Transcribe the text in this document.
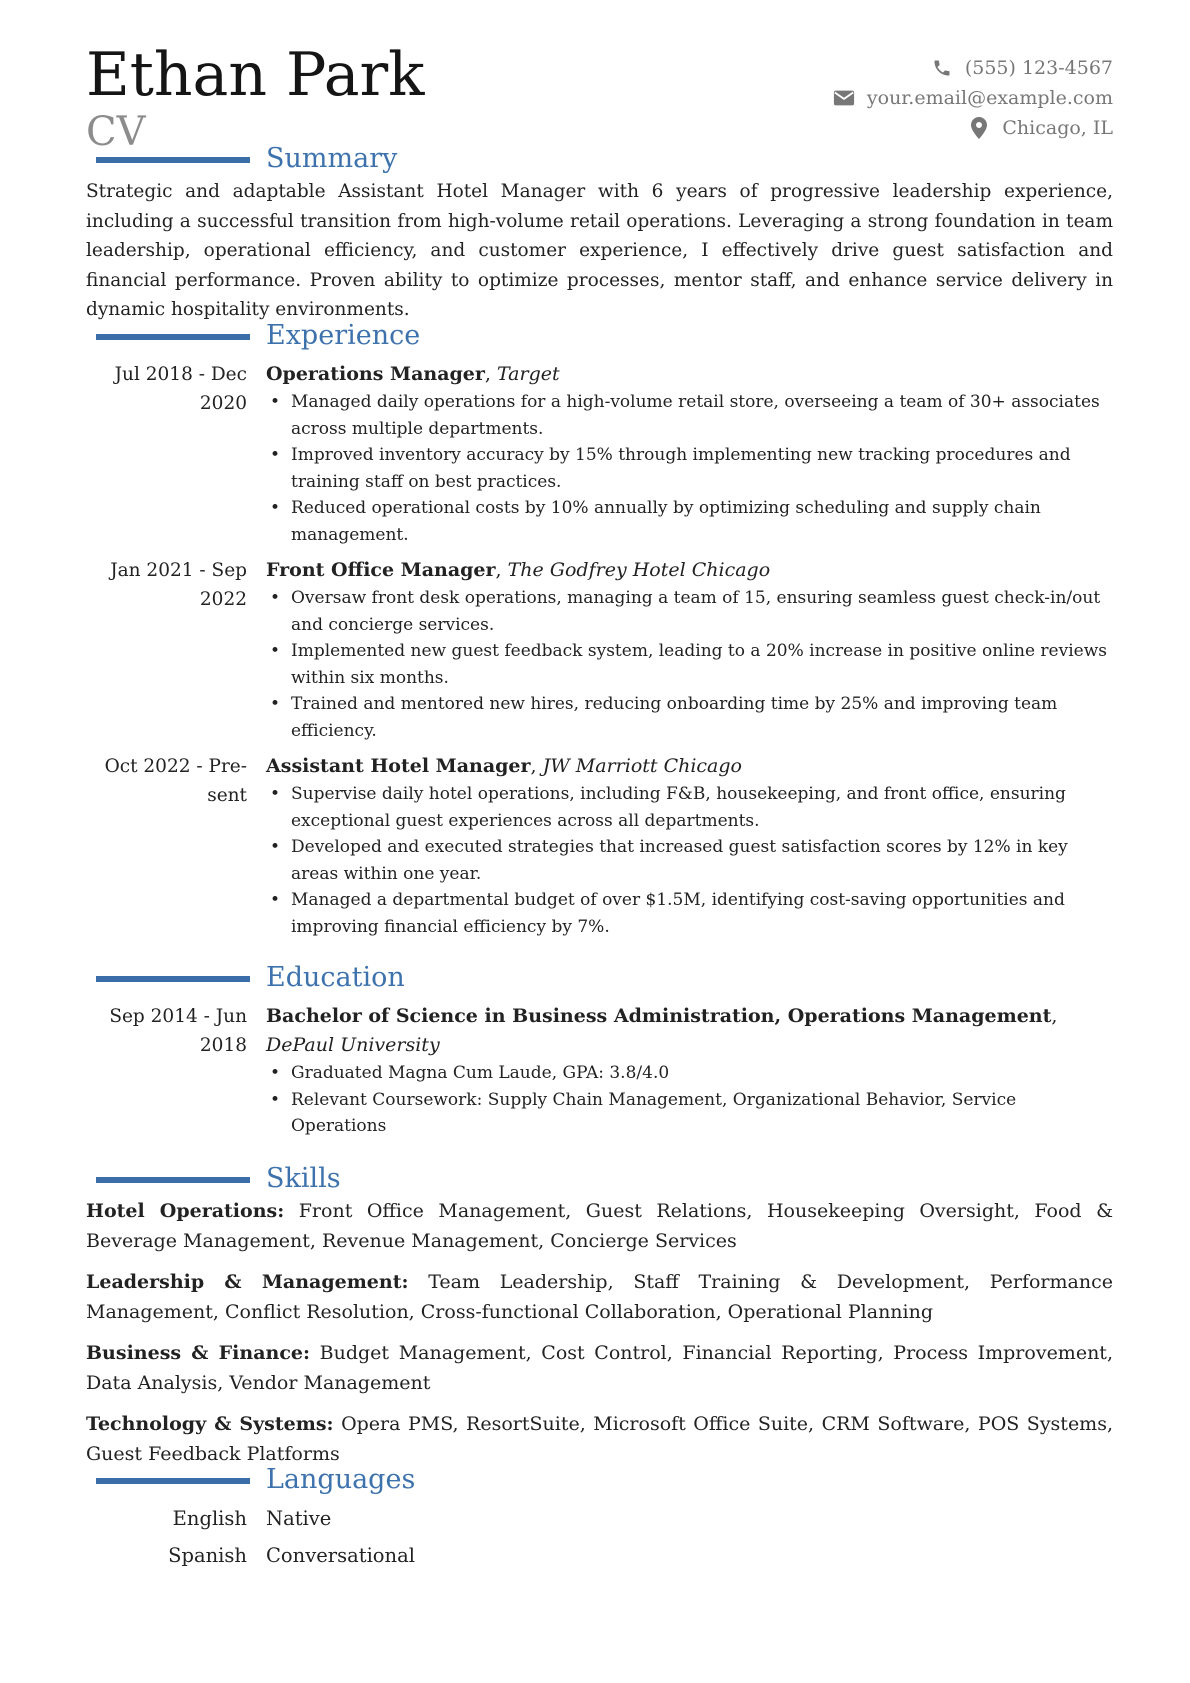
Ethan Park
CV
(555) 123-4567
your.email@example.com
Chicago, IL
Summary

Strategic and adaptable Assistant Hotel Manager with 6 years of progressive leadership experience, including a successful transition from high-volume retail operations. Leveraging a strong foundation in team leadership, operational efficiency, and customer experience, I effectively drive guest satisfaction and financial performance. Proven ability to optimize processes, mentor staff, and enhance service delivery in dynamic hospitality environments.

Experience
Jul 2018 - Dec
2020
Operations Manager, Target
• Managed daily operations for a high-volume retail store, overseeing a team of 30+ associates across multiple departments.
• Improved inventory accuracy by 15% through implementing new tracking procedures and training staff on best practices.
• Reduced operational costs by 10% annually by optimizing scheduling and supply chain management.
Jan 2021 - Sep
2022
Front Office Manager, The Godfrey Hotel Chicago
• Oversaw front desk operations, managing a team of 15, ensuring seamless guest check-in/out and concierge services.
• Implemented new guest feedback system, leading to a 20% increase in positive online reviews within six months.
• Trained and mentored new hires, reducing onboarding time by 25% and improving team efficiency.
Oct 2022 - Pre-
sent
Assistant Hotel Manager, JW Marriott Chicago
• Supervise daily hotel operations, including F&B, housekeeping, and front office, ensuring exceptional guest experiences across all departments.
• Developed and executed strategies that increased guest satisfaction scores by 12% in key areas within one year.
• Managed a departmental budget of over $1.5M, identifying cost-saving opportunities and improving financial efficiency by 7%.
Education
Sep 2014 - Jun
2018
Bachelor of Science in Business Administration, Operations Management,
DePaul University
• Graduated Magna Cum Laude, GPA: 3.8/4.0
• Relevant Coursework: Supply Chain Management, Organizational Behavior, Service Operations
Skills

Hotel Operations: Front Office Management, Guest Relations, Housekeeping Oversight, Food & Beverage Management, Revenue Management, Concierge Services

Leadership & Management: Team Leadership, Staff Training & Development, Performance Management, Conflict Resolution, Cross-functional Collaboration, Operational Planning

Business & Finance: Budget Management, Cost Control, Financial Reporting, Process Improvement, Data Analysis, Vendor Management

Technology & Systems: Opera PMS, ResortSuite, Microsoft Office Suite, CRM Software, POS Systems, Guest Feedback Platforms

Languages
English Native
Spanish Conversational
